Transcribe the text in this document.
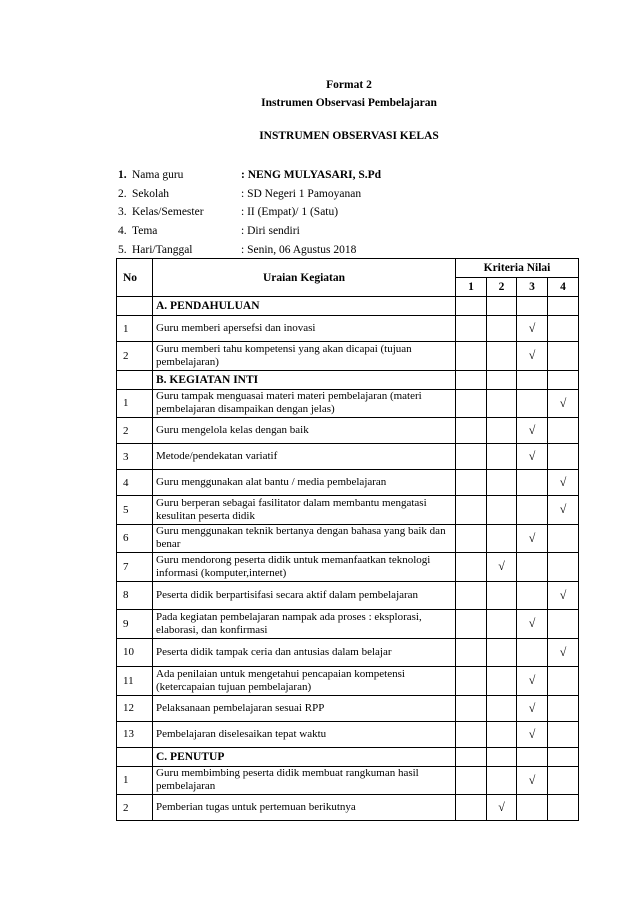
Format 2
Instrumen Observasi Pembelajaran
INSTRUMEN OBSERVASI KELAS
1. Nama guru	: NENG MULYASARI, S.Pd
2. Sekolah	: SD Negeri 1 Pamoyanan
3. Kelas/Semester	: II (Empat)/ 1 (Satu)
4. Tema	: Diri sendiri
5. Hari/Tanggal	: Senin, 06 Agustus 2018
No	Uraian Kegiatan	Kriteria Nilai			
		1	2	3	4
	A. PENDAHULUAN				
1	Guru memberi apersefsi dan inovasi			√	
2	Guru memberi tahu kompetensi yang akan dicapai (tujuan pembelajaran)			√	
	B. KEGIATAN INTI				
1	Guru tampak menguasai materi materi pembelajaran (materi pembelajaran disampaikan dengan jelas)				√
2	Guru mengelola kelas dengan baik			√	
3	Metode/pendekatan variatif			√	
4	Guru menggunakan alat bantu / media pembelajaran				√
5	Guru berperan sebagai fasilitator dalam membantu mengatasi kesulitan peserta didik				√
6	Guru menggunakan teknik bertanya dengan bahasa yang baik dan benar			√	
7	Guru mendorong peserta didik untuk memanfaatkan teknologi informasi (komputer,internet)		√		
8	Peserta didik berpartisifasi secara aktif dalam pembelajaran				√
9	Pada kegiatan pembelajaran nampak ada proses : eksplorasi, elaborasi, dan konfirmasi			√	
10	Peserta didik tampak ceria dan antusias dalam belajar				√
11	Ada penilaian untuk mengetahui pencapaian kompetensi (ketercapaian tujuan pembelajaran)			√	
12	Pelaksanaan pembelajaran sesuai RPP			√	
13	Pembelajaran diselesaikan tepat waktu			√	
	C. PENUTUP				
1	Guru membimbing peserta didik membuat rangkuman hasil pembelajaran			√	
2	Pemberian tugas untuk pertemuan berikutnya		√		
